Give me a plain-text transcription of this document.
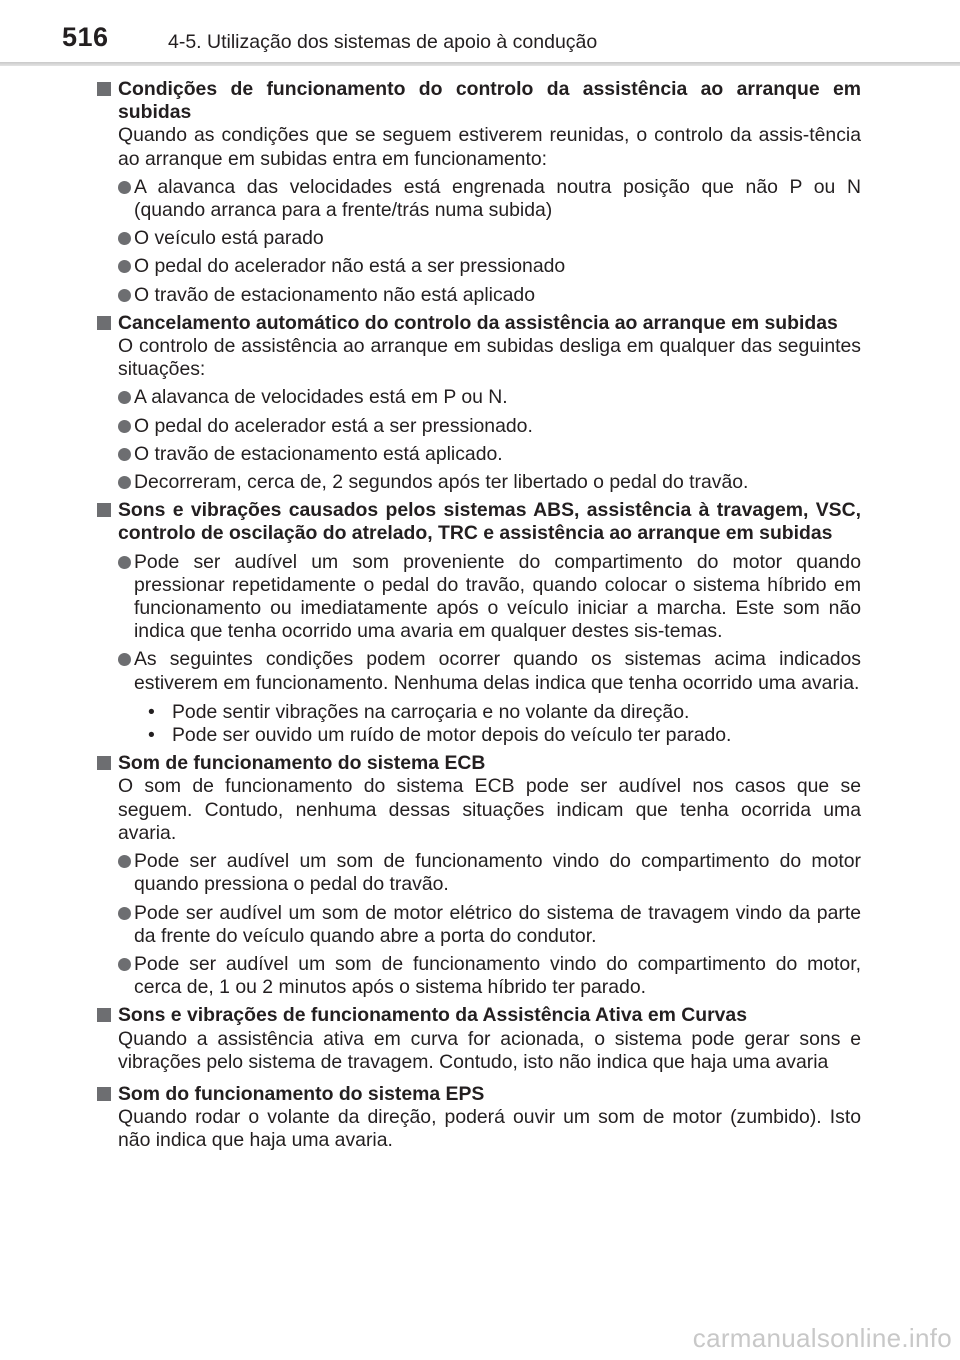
516	4-5. Utilização dos sistemas de apoio à condução
Condições de funcionamento do controlo da assistência ao arranque em subidas
Quando as condições que se seguem estiverem reunidas, o controlo da assis-tência ao arranque em subidas entra em funcionamento:
A alavanca das velocidades está engrenada noutra posição que não P ou N (quando arranca para a frente/trás numa subida)
O veículo está parado
O pedal do acelerador não está a ser pressionado
O travão de estacionamento não está aplicado
Cancelamento automático do controlo da assistência ao arranque em subidas
O controlo de assistência ao arranque em subidas desliga em qualquer das seguintes situações:
A alavanca de velocidades está em P ou N.
O pedal do acelerador está a ser pressionado.
O travão de estacionamento está aplicado.
Decorreram, cerca de, 2 segundos após ter libertado o pedal do travão.
Sons e vibrações causados pelos sistemas ABS, assistência à travagem, VSC, controlo de oscilação do atrelado, TRC e assistência ao arranque em subidas
Pode ser audível um som proveniente do compartimento do motor quando pressionar repetidamente o pedal do travão, quando colocar o sistema híbrido em funcionamento ou imediatamente após o veículo iniciar a marcha. Este som não indica que tenha ocorrido uma avaria em qualquer destes sis-temas.
As seguintes condições podem ocorrer quando os sistemas acima indicados estiverem em funcionamento. Nenhuma delas indica que tenha ocorrido uma avaria.
• Pode sentir vibrações na carroçaria e no volante da direção.
• Pode ser ouvido um ruído de motor depois do veículo ter parado.
Som de funcionamento do sistema ECB
O som de funcionamento do sistema ECB pode ser audível nos casos que se seguem. Contudo, nenhuma dessas situações indicam que tenha ocorrida uma avaria.
Pode ser audível um som de funcionamento vindo do compartimento do motor quando pressiona o pedal do travão.
Pode ser audível um som de motor elétrico do sistema de travagem vindo da parte da frente do veículo quando abre a porta do condutor.
Pode ser audível um som de funcionamento vindo do compartimento do motor, cerca de, 1 ou 2 minutos após o sistema híbrido ter parado.
Sons e vibrações de funcionamento da Assistência Ativa em Curvas
Quando a assistência ativa em curva for acionada, o sistema pode gerar sons e vibrações pelo sistema de travagem. Contudo, isto não indica que haja uma avaria
Som do funcionamento do sistema EPS
Quando rodar o volante da direção, poderá ouvir um som de motor (zumbido). Isto não indica que haja uma avaria.
carmanualsonline.info
